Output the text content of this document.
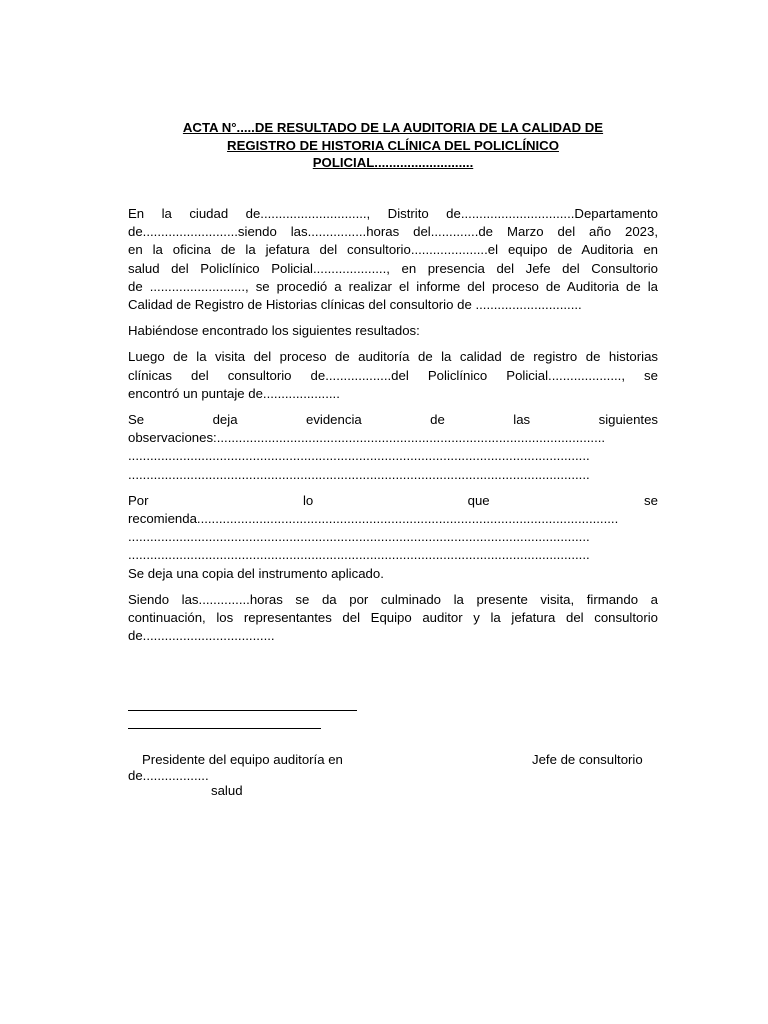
ACTA N°.....DE RESULTADO DE LA AUDITORIA DE LA CALIDAD DE
REGISTRO DE HISTORIA CLÍNICA DEL POLICLÍNICO
POLICIAL...........................

En la ciudad de............................., Distrito de...............................Departamento
de..........................siendo las................horas del.............de Marzo del año 2023,
en la oficina de la jefatura del consultorio.....................el equipo de Auditoria en
salud del Policlínico Policial...................., en presencia del Jefe del Consultorio
de .........................., se procedió a realizar el informe del proceso de Auditoria de la
Calidad de Registro de Historias clínicas del consultorio de .............................

Habiéndose encontrado los siguientes resultados:

Luego de la visita del proceso de auditoría de la calidad de registro de historias
clínicas del consultorio de..................del Policlínico Policial...................., se
encontró un puntaje de.....................

Se deja evidencia de las siguientes
observaciones:..........................................................................................................
..............................................................................................................................
..............................................................................................................................

Por lo que se
recomienda...................................................................................................................
..............................................................................................................................
..............................................................................................................................

Se deja una copia del instrumento aplicado.

Siendo las..............horas se da por culminado la presente visita, firmando a
continuación, los representantes del Equipo auditor y la jefatura del consultorio
de....................................

Presidente del equipo auditoría en	Jefe de consultorio
de..................
salud
